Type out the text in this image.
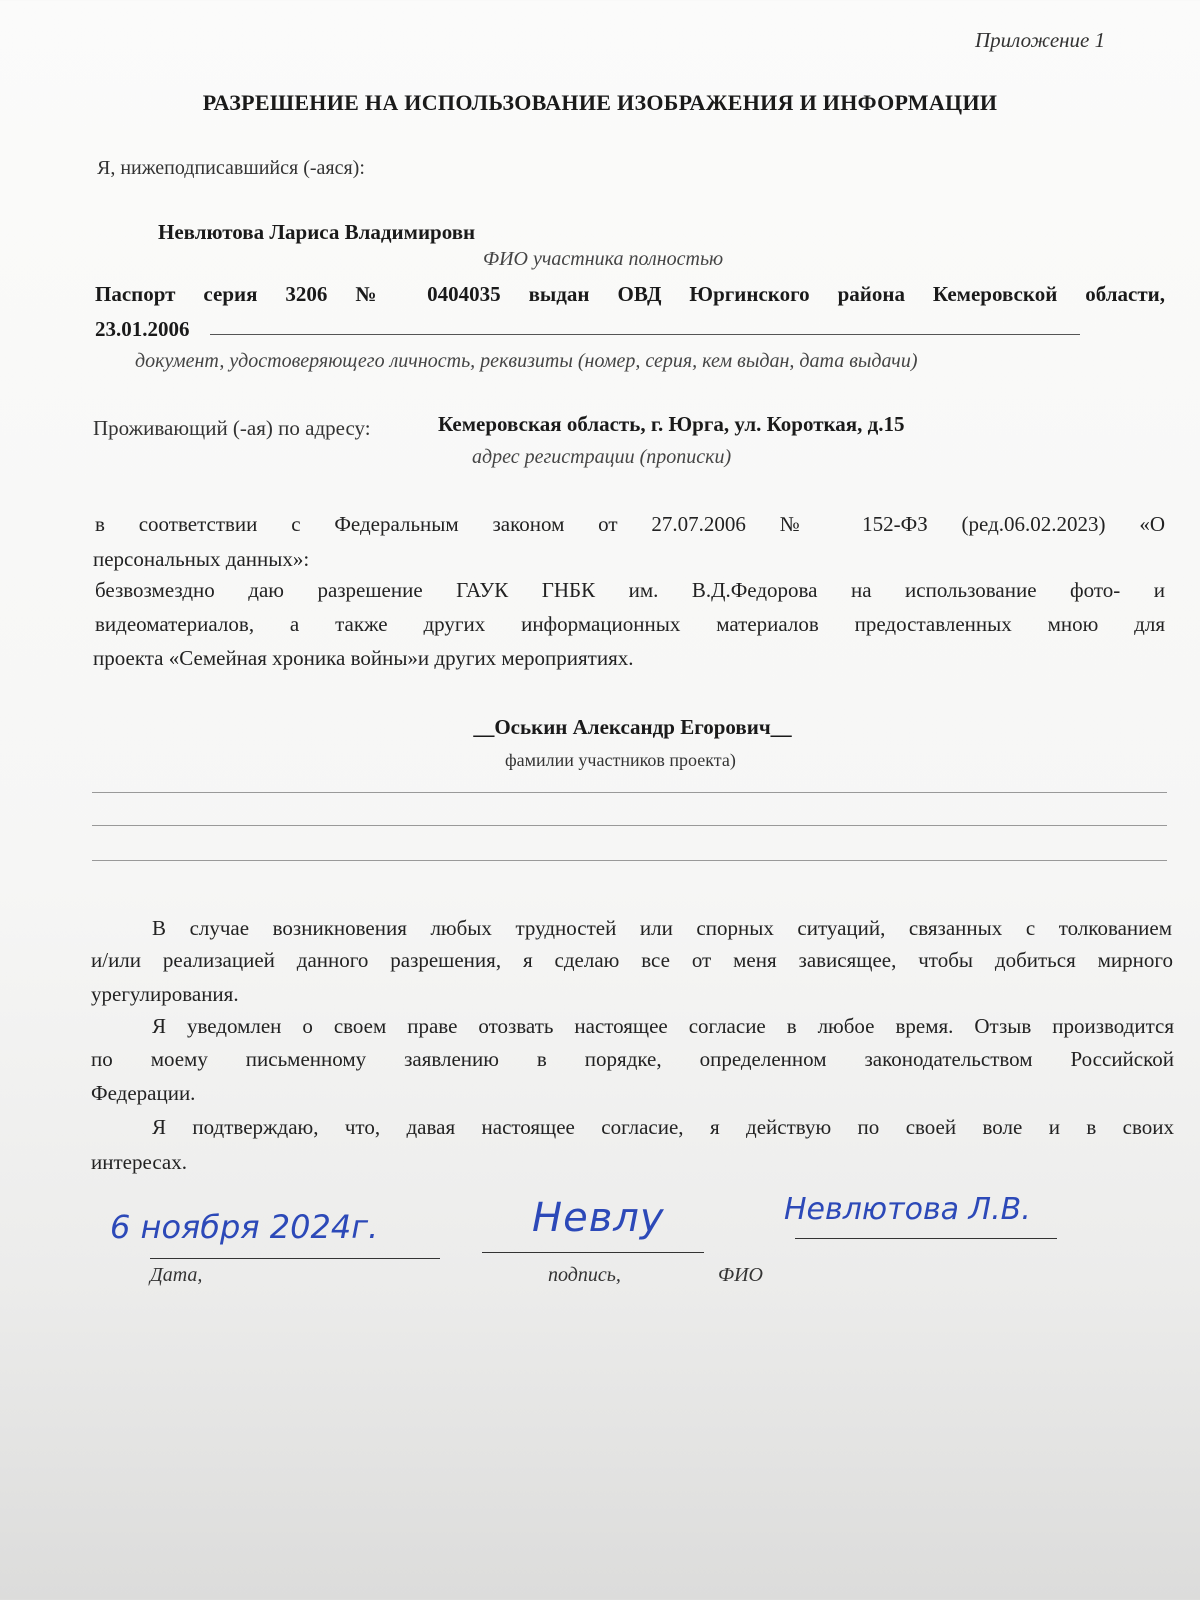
Приложение 1
РАЗРЕШЕНИЕ НА ИСПОЛЬЗОВАНИЕ ИЗОБРАЖЕНИЯ И ИНФОРМАЦИИ
Я, нижеподписавшийся (-аяся):
Невлютова Лариса Владимировн
ФИО участника полностью
Паспорт серия 3206 № 0404035 выдан ОВД Юргинского района Кемеровской области,
23.01.2006
документ, удостоверяющего личность, реквизиты (номер, серия, кем выдан, дата выдачи)
Проживающий (-ая) по адресу:	Кемеровская область, г. Юрга, ул. Короткая, д.15
адрес регистрации (прописки)
в соответствии с Федеральным законом от 27.07.2006 № 152-ФЗ (ред.06.02.2023) «О
персональных данных»:
безвозмездно даю разрешение ГАУК ГНБК им. В.Д.Федорова на использование фото- и
видеоматериалов, а также других информационных материалов предоставленных мною для
проекта «Семейная хроника войны»и других мероприятиях.
__Оськин Александр Егорович__
фамилии участников проекта)
В случае возникновения любых трудностей или спорных ситуаций, связанных с толкованием
и/или реализацией данного разрешения, я сделаю все от меня зависящее, чтобы добиться мирного
урегулирования.
Я уведомлен о своем праве отозвать настоящее согласие в любое время. Отзыв производится
по моему письменному заявлению в порядке, определенном законодательством Российской
Федерации.
Я подтверждаю, что, давая настоящее согласие, я действую по своей воле и в своих
интересах.
6 ноября 2024г.
Дата,
Невлу
подпись,	ФИО
Невлютова Л.В.
